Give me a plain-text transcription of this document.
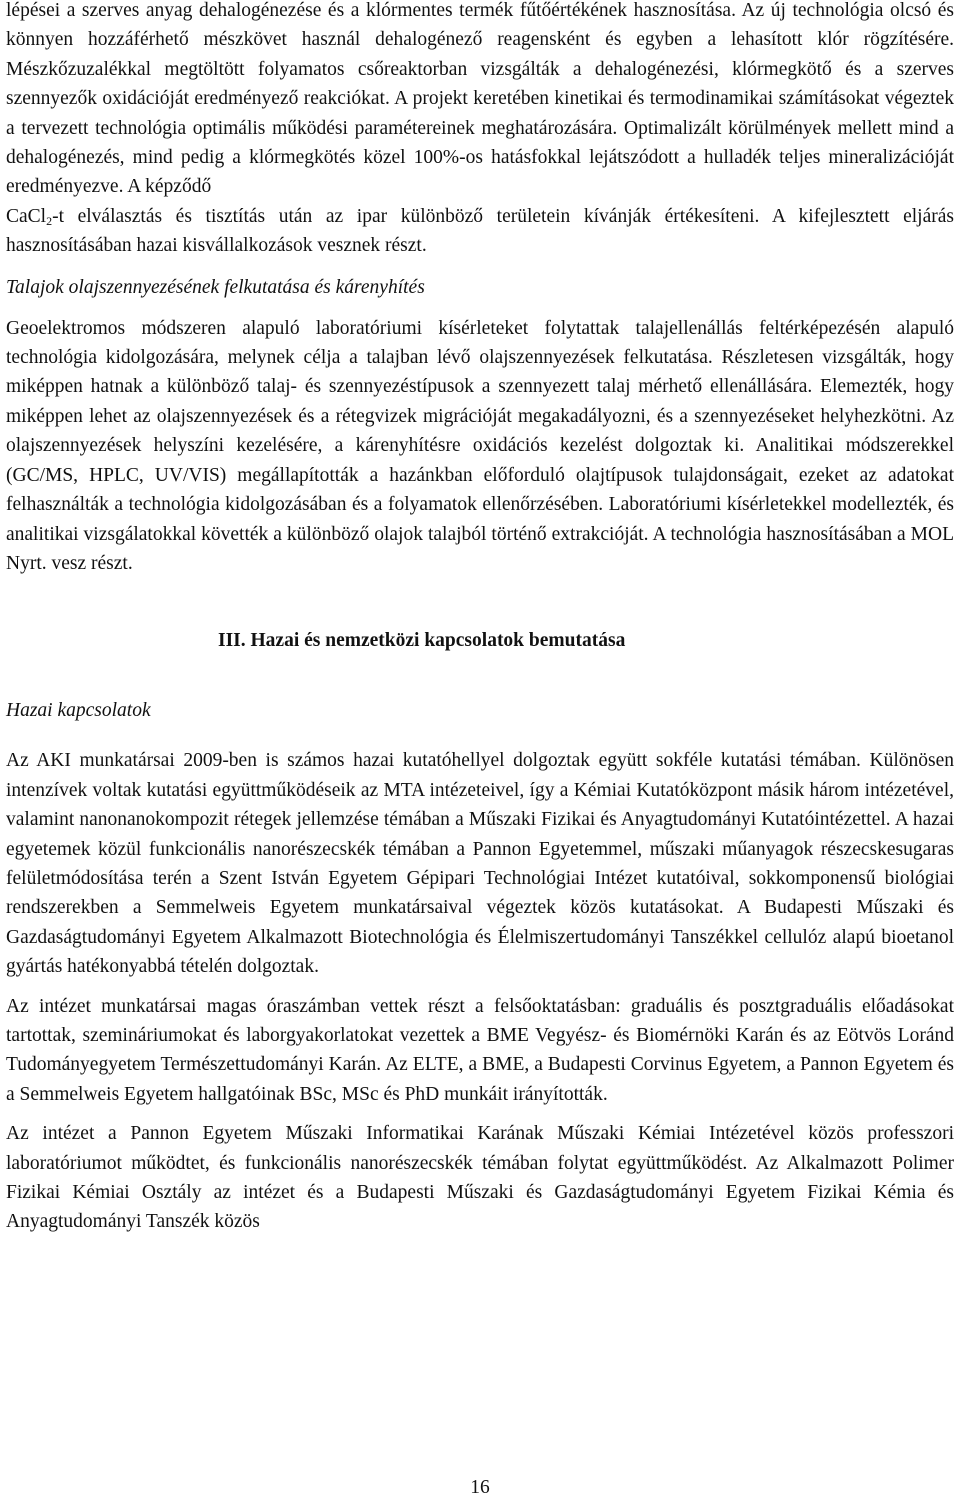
lépései a szerves anyag dehalogénezése és a klórmentes termék fűtőértékének hasznosítása. Az új technológia olcsó és könnyen hozzáférhető mészkövet használ dehalogénező reagensként és egyben a lehasított klór rögzítésére. Mészkőzuzalékkal megtöltött folyamatos csőreaktorban vizsgálták a dehalogénezési, klórmegkötő és a szerves szennyezők oxidációját eredményező reakciókat. A projekt keretében kinetikai és termodinamikai számításokat végeztek a tervezett technológia optimális működési paramétereinek meghatározására. Optimalizált körülmények mellett mind a dehalogénezés, mind pedig a klórmegkötés közel 100%-os hatásfokkal lejátszódott a hulladék teljes mineralizációját eredményezve. A képződő
CaCl$_2$-t elválasztás és tisztítás után az ipar különböző területein kívánják értékesíteni. A kifejlesztett eljárás hasznosításában hazai kisvállalkozások vesznek részt.

Talajok olajszennyezésének felkutatása és kárenyhítés

Geoelektromos módszeren alapuló laboratóriumi kísérleteket folytattak talajellenállás feltérképezésén alapuló technológia kidolgozására, melynek célja a talajban lévő olajszennyezések felkutatása. Részletesen vizsgálták, hogy miképpen hatnak a különböző talaj- és szennyezéstípusok a szennyezett talaj mérhető ellenállására. Elemezték, hogy miképpen lehet az olajszennyezések és a rétegvizek migrációját megakadályozni, és a szennyezéseket helyhezkötni. Az olajszennyezések helyszíni kezelésére, a kárenyhítésre oxidációs kezelést dolgoztak ki. Analitikai módszerekkel (GC/MS, HPLC, UV/VIS) megállapították a hazánkban előforduló olajtípusok tulajdonságait, ezeket az adatokat felhasználták a technológia kidolgozásában és a folyamatok ellenőrzésében. Laboratóriumi kísérletekkel modellezték, és analitikai vizsgálatokkal követték a különböző olajok talajból történő extrakcióját. A technológia hasznosításában a MOL Nyrt. vesz részt.

III. Hazai és nemzetközi kapcsolatok bemutatása

Hazai kapcsolatok

Az AKI munkatársai 2009-ben is számos hazai kutatóhellyel dolgoztak együtt sokféle kutatási témában. Különösen intenzívek voltak kutatási együttműködéseik az MTA intézeteivel, így a Kémiai Kutatóközpont másik három intézetével, valamint nanonanokompozit rétegek jellemzése témában a Műszaki Fizikai és Anyagtudományi Kutatóintézettel. A hazai egyetemek közül funkcionális nanorészecskék témában a Pannon Egyetemmel, műszaki műanyagok részecskesugaras felületmódosítása terén a Szent István Egyetem Gépipari Technológiai Intézet kutatóival, sokkomponensű biológiai rendszerekben a Semmelweis Egyetem munkatársaival végeztek közös kutatásokat. A Budapesti Műszaki és Gazdaságtudományi Egyetem Alkalmazott Biotechnológia és Élelmiszertudományi Tanszékkel cellulóz alapú bioetanol gyártás hatékonyabbá tételén dolgoztak.

Az intézet munkatársai magas óraszámban vettek részt a felsőoktatásban: graduális és posztgraduális előadásokat tartottak, szemináriumokat és laborgyakorlatokat vezettek a BME Vegyész- és Biomérnöki Karán és az Eötvös Loránd Tudományegyetem Természettudományi Karán. Az ELTE, a BME, a Budapesti Corvinus Egyetem, a Pannon Egyetem és a Semmelweis Egyetem hallgatóinak BSc, MSc és PhD munkáit irányították.

Az intézet a Pannon Egyetem Műszaki Informatikai Karának Műszaki Kémiai Intézetével közös professzori laboratóriumot működtet, és funkcionális nanorészecskék témában folytat együttműködést. Az Alkalmazott Polimer Fizikai Kémiai Osztály az intézet és a Budapesti Műszaki és Gazdaságtudományi Egyetem Fizikai Kémia és Anyagtudományi Tanszék közös

16
